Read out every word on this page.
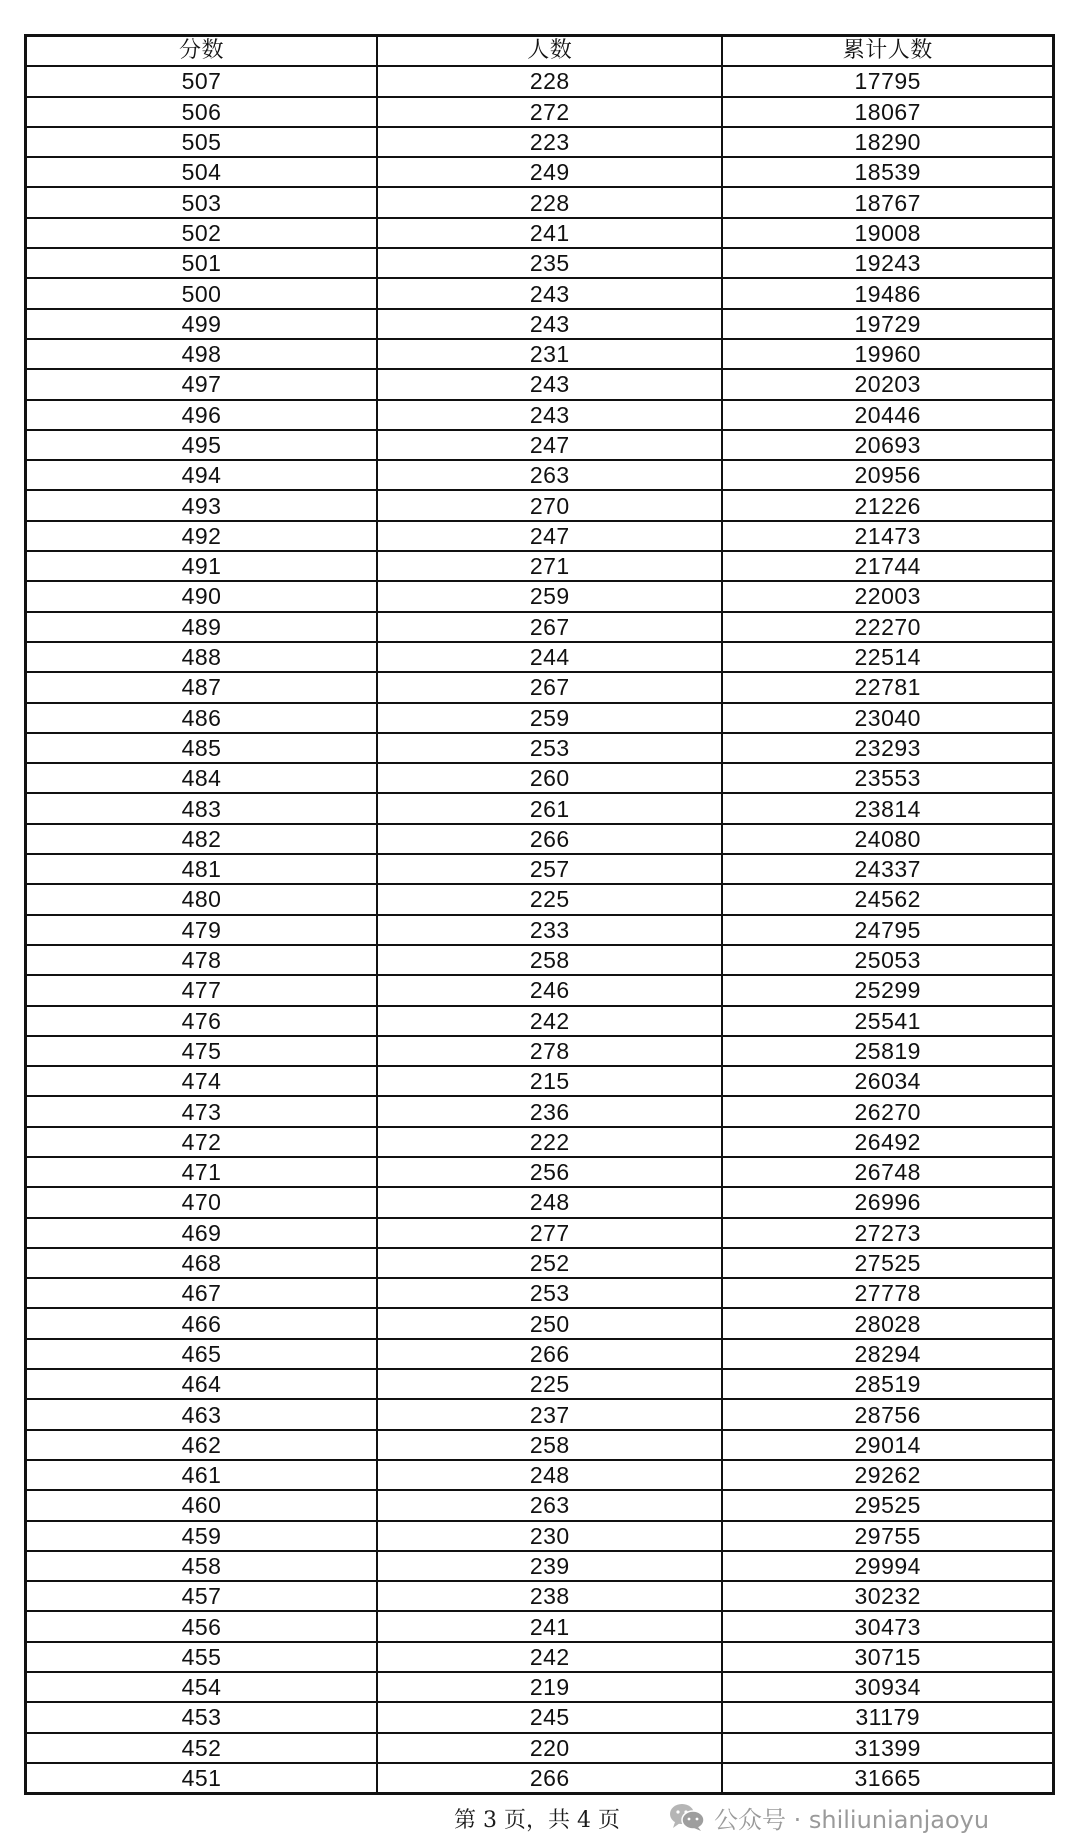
分数	人数	累计人数
507	228	17795
506	272	18067
505	223	18290
504	249	18539
503	228	18767
502	241	19008
501	235	19243
500	243	19486
499	243	19729
498	231	19960
497	243	20203
496	243	20446
495	247	20693
494	263	20956
493	270	21226
492	247	21473
491	271	21744
490	259	22003
489	267	22270
488	244	22514
487	267	22781
486	259	23040
485	253	23293
484	260	23553
483	261	23814
482	266	24080
481	257	24337
480	225	24562
479	233	24795
478	258	25053
477	246	25299
476	242	25541
475	278	25819
474	215	26034
473	236	26270
472	222	26492
471	256	26748
470	248	26996
469	277	27273
468	252	27525
467	253	27778
466	250	28028
465	266	28294
464	225	28519
463	237	28756
462	258	29014
461	248	29262
460	263	29525
459	230	29755
458	239	29994
457	238	30232
456	241	30473
455	242	30715
454	219	30934
453	245	31179
452	220	31399
451	266	31665
第 3 页，共 4 页	公众号 · shiliunianjaoyu
